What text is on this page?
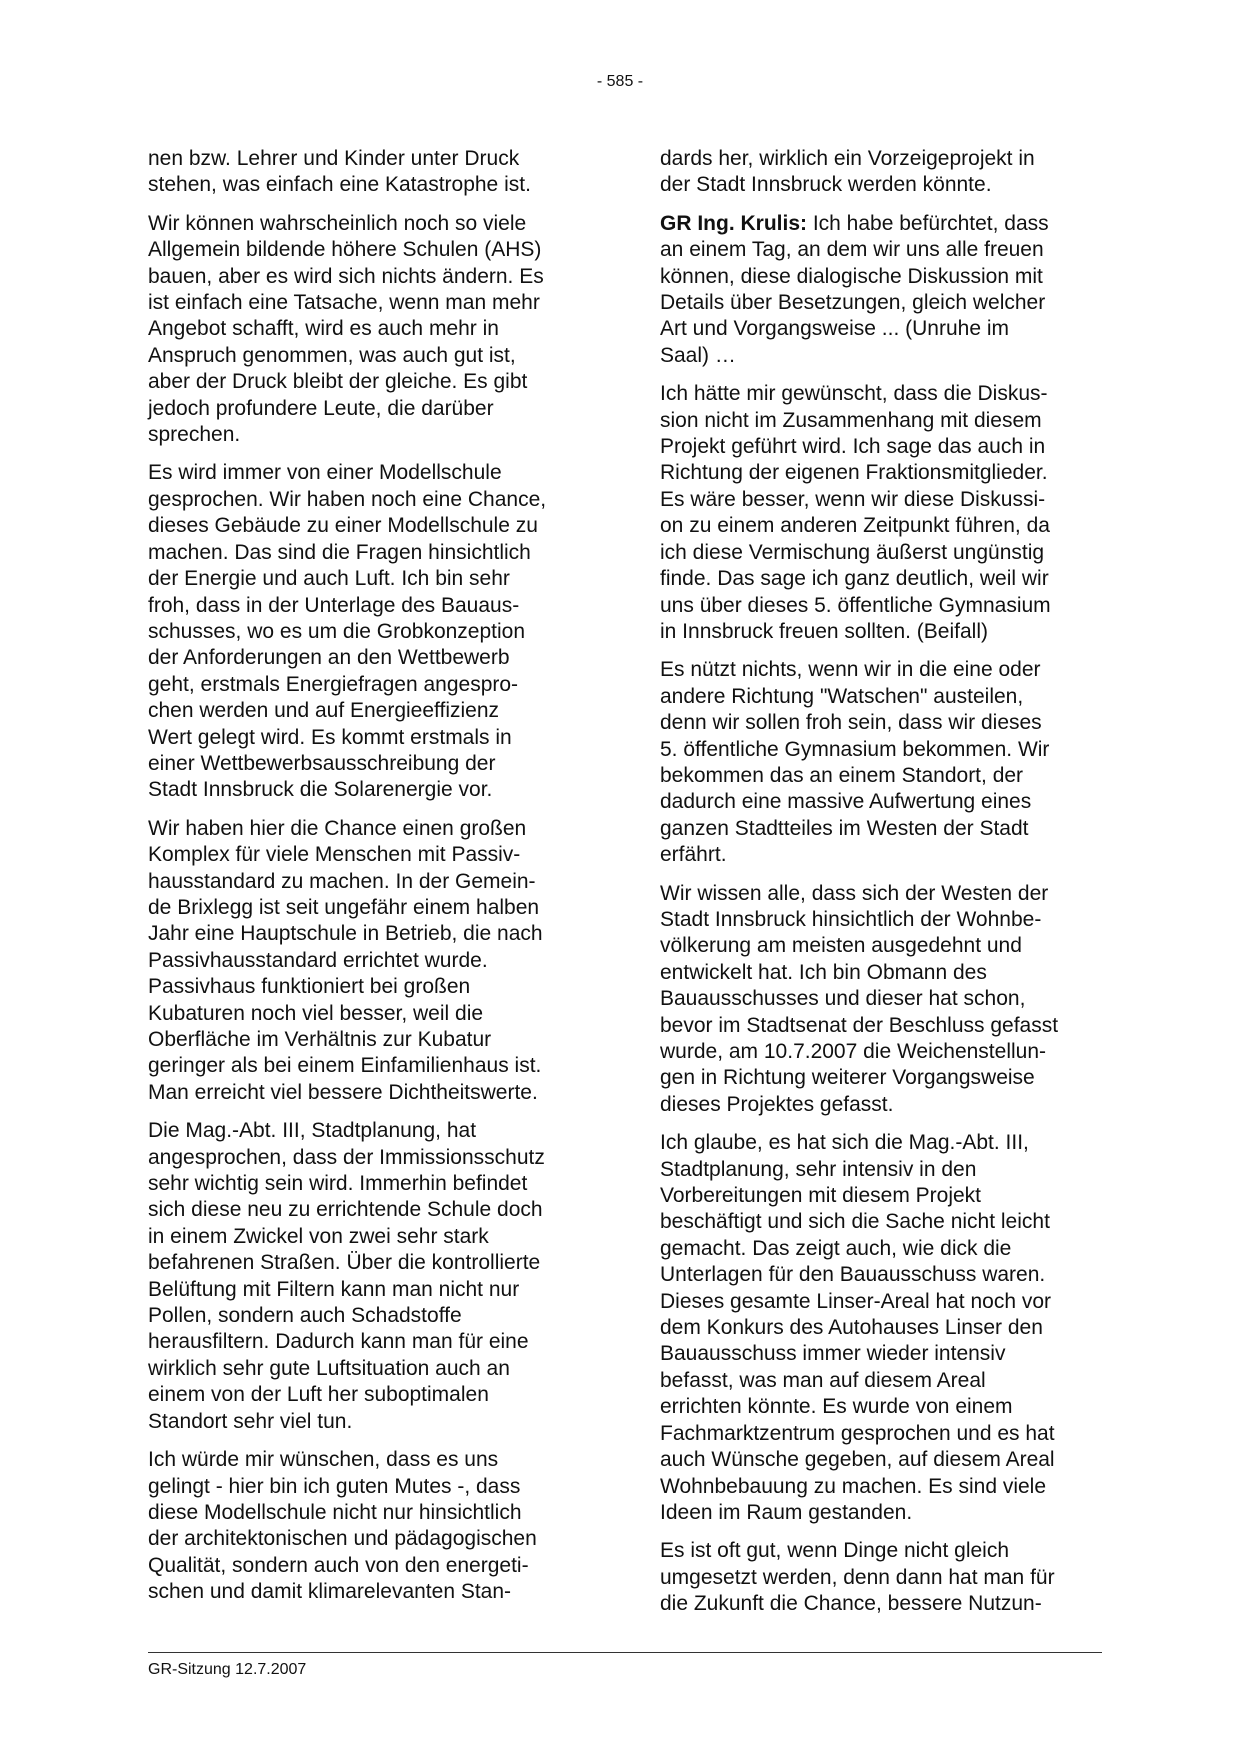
- 585 -

nen bzw. Lehrer und Kinder unter Druck
stehen, was einfach eine Katastrophe ist.

Wir können wahrscheinlich noch so viele
Allgemein bildende höhere Schulen (AHS)
bauen, aber es wird sich nichts ändern. Es
ist einfach eine Tatsache, wenn man mehr
Angebot schafft, wird es auch mehr in
Anspruch genommen, was auch gut ist,
aber der Druck bleibt der gleiche. Es gibt
jedoch profundere Leute, die darüber
sprechen.

Es wird immer von einer Modellschule
gesprochen. Wir haben noch eine Chance,
dieses Gebäude zu einer Modellschule zu
machen. Das sind die Fragen hinsichtlich
der Energie und auch Luft. Ich bin sehr
froh, dass in der Unterlage des Bauaus-
schusses, wo es um die Grobkonzeption
der Anforderungen an den Wettbewerb
geht, erstmals Energiefragen angespro-
chen werden und auf Energieeffizienz
Wert gelegt wird. Es kommt erstmals in
einer Wettbewerbsausschreibung der
Stadt Innsbruck die Solarenergie vor.

Wir haben hier die Chance einen großen
Komplex für viele Menschen mit Passiv-
hausstandard zu machen. In der Gemein-
de Brixlegg ist seit ungefähr einem halben
Jahr eine Hauptschule in Betrieb, die nach
Passivhausstandard errichtet wurde.
Passivhaus funktioniert bei großen
Kubaturen noch viel besser, weil die
Oberfläche im Verhältnis zur Kubatur
geringer als bei einem Einfamilienhaus ist.
Man erreicht viel bessere Dichtheitswerte.

Die Mag.-Abt. III, Stadtplanung, hat
angesprochen, dass der Immissionsschutz
sehr wichtig sein wird. Immerhin befindet
sich diese neu zu errichtende Schule doch
in einem Zwickel von zwei sehr stark
befahrenen Straßen. Über die kontrollierte
Belüftung mit Filtern kann man nicht nur
Pollen, sondern auch Schadstoffe
herausfiltern. Dadurch kann man für eine
wirklich sehr gute Luftsituation auch an
einem von der Luft her suboptimalen
Standort sehr viel tun.

Ich würde mir wünschen, dass es uns
gelingt - hier bin ich guten Mutes -, dass
diese Modellschule nicht nur hinsichtlich
der architektonischen und pädagogischen
Qualität, sondern auch von den energeti-
schen und damit klimarelevanten Stan-

dards her, wirklich ein Vorzeigeprojekt in
der Stadt Innsbruck werden könnte.

GR Ing. Krulis: Ich habe befürchtet, dass
an einem Tag, an dem wir uns alle freuen
können, diese dialogische Diskussion mit
Details über Besetzungen, gleich welcher
Art und Vorgangsweise ... (Unruhe im
Saal) …

Ich hätte mir gewünscht, dass die Diskus-
sion nicht im Zusammenhang mit diesem
Projekt geführt wird. Ich sage das auch in
Richtung der eigenen Fraktionsmitglieder.
Es wäre besser, wenn wir diese Diskussi-
on zu einem anderen Zeitpunkt führen, da
ich diese Vermischung äußerst ungünstig
finde. Das sage ich ganz deutlich, weil wir
uns über dieses 5. öffentliche Gymnasium
in Innsbruck freuen sollten. (Beifall)

Es nützt nichts, wenn wir in die eine oder
andere Richtung "Watschen" austeilen,
denn wir sollen froh sein, dass wir dieses
5. öffentliche Gymnasium bekommen. Wir
bekommen das an einem Standort, der
dadurch eine massive Aufwertung eines
ganzen Stadtteiles im Westen der Stadt
erfährt.

Wir wissen alle, dass sich der Westen der
Stadt Innsbruck hinsichtlich der Wohnbe-
völkerung am meisten ausgedehnt und
entwickelt hat. Ich bin Obmann des
Bauausschusses und dieser hat schon,
bevor im Stadtsenat der Beschluss gefasst
wurde, am 10.7.2007 die Weichenstellun-
gen in Richtung weiterer Vorgangsweise
dieses Projektes gefasst.

Ich glaube, es hat sich die Mag.-Abt. III,
Stadtplanung, sehr intensiv in den
Vorbereitungen mit diesem Projekt
beschäftigt und sich die Sache nicht leicht
gemacht. Das zeigt auch, wie dick die
Unterlagen für den Bauausschuss waren.
Dieses gesamte Linser-Areal hat noch vor
dem Konkurs des Autohauses Linser den
Bauausschuss immer wieder intensiv
befasst, was man auf diesem Areal
errichten könnte. Es wurde von einem
Fachmarktzentrum gesprochen und es hat
auch Wünsche gegeben, auf diesem Areal
Wohnbebauung zu machen. Es sind viele
Ideen im Raum gestanden.

Es ist oft gut, wenn Dinge nicht gleich
umgesetzt werden, denn dann hat man für
die Zukunft die Chance, bessere Nutzun-

GR-Sitzung 12.7.2007
